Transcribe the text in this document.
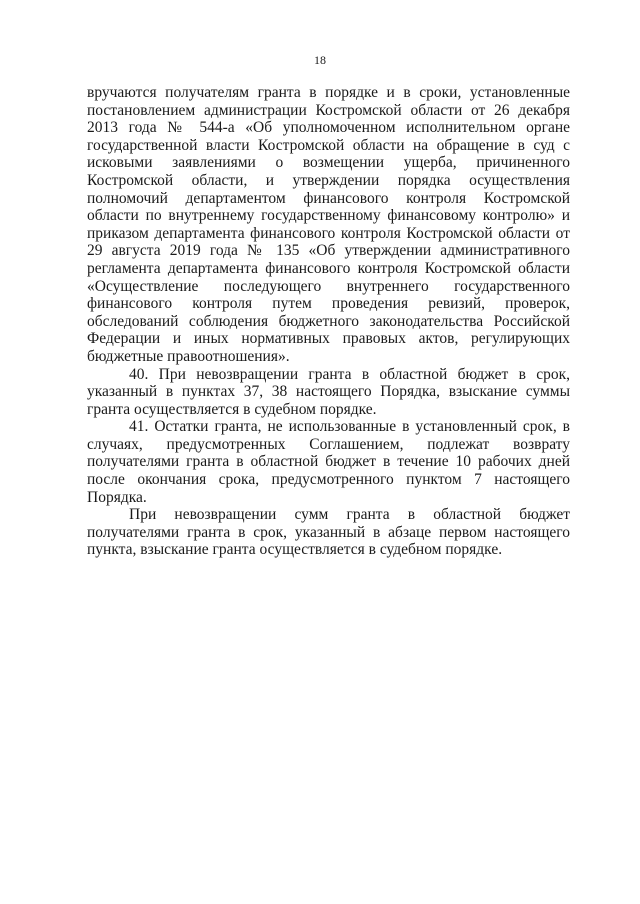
18

вручаются получателям гранта в порядке и в сроки, установленные постановлением администрации Костромской области от 26 декабря 2013 года № 544-а «Об уполномоченном исполнительном органе государственной власти Костромской области на обращение в суд с исковыми заявлениями о возмещении ущерба, причиненного Костромской области, и утверждении порядка осуществления полномочий департаментом финансового контроля Костромской области по внутреннему государственному финансовому контролю» и приказом департамента финансового контроля Костромской области от 29 августа 2019 года № 135 «Об утверждении административного регламента департамента финансового контроля Костромской области «Осуществление последующего внутреннего государственного финансового контроля путем проведения ревизий, проверок, обследований соблюдения бюджетного законодательства Российской Федерации и иных нормативных правовых актов, регулирующих бюджетные правоотношения».

40. При невозвращении гранта в областной бюджет в срок, указанный в пунктах 37, 38 настоящего Порядка, взыскание суммы гранта осуществляется в судебном порядке.

41. Остатки гранта, не использованные в установленный срок, в случаях, предусмотренных Соглашением, подлежат возврату получателями гранта в областной бюджет в течение 10 рабочих дней после окончания срока, предусмотренного пунктом 7 настоящего Порядка.

При невозвращении сумм гранта в областной бюджет получателями гранта в срок, указанный в абзаце первом настоящего пункта, взыскание гранта осуществляется в судебном порядке.
